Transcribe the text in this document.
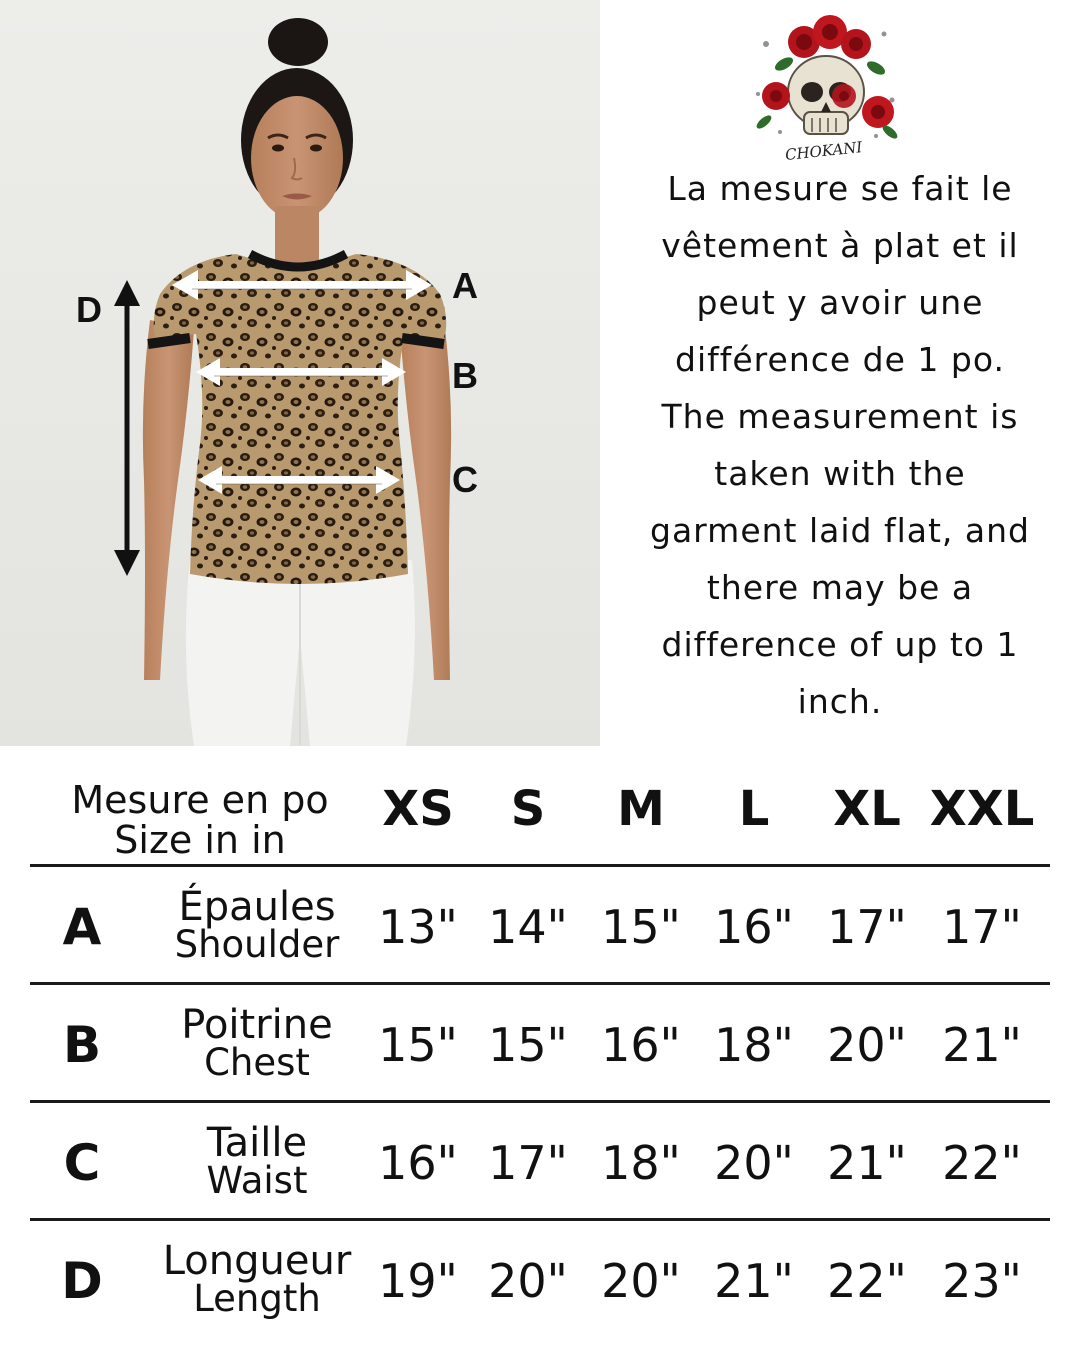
A
B
C
D
CHOKANI

La mesure se fait le

vêtement à plat et il

peut y avoir une

différence de 1 po.

The measurement is

taken with the

garment laid flat, and

there may be a

difference of up to 1

inch.

Mesure en po
Size in in
XS	S	M	L	XL XXL
A	Épaules
Shoulder 13" 14" 15" 16" 17" 17"
B	Poitrine
Chest	15" 15" 16" 18" 20" 21"
C	Taille
Waist	16" 17" 18" 20" 21" 22"
D	Longueur
Length	19" 20" 20" 21" 22" 23"
